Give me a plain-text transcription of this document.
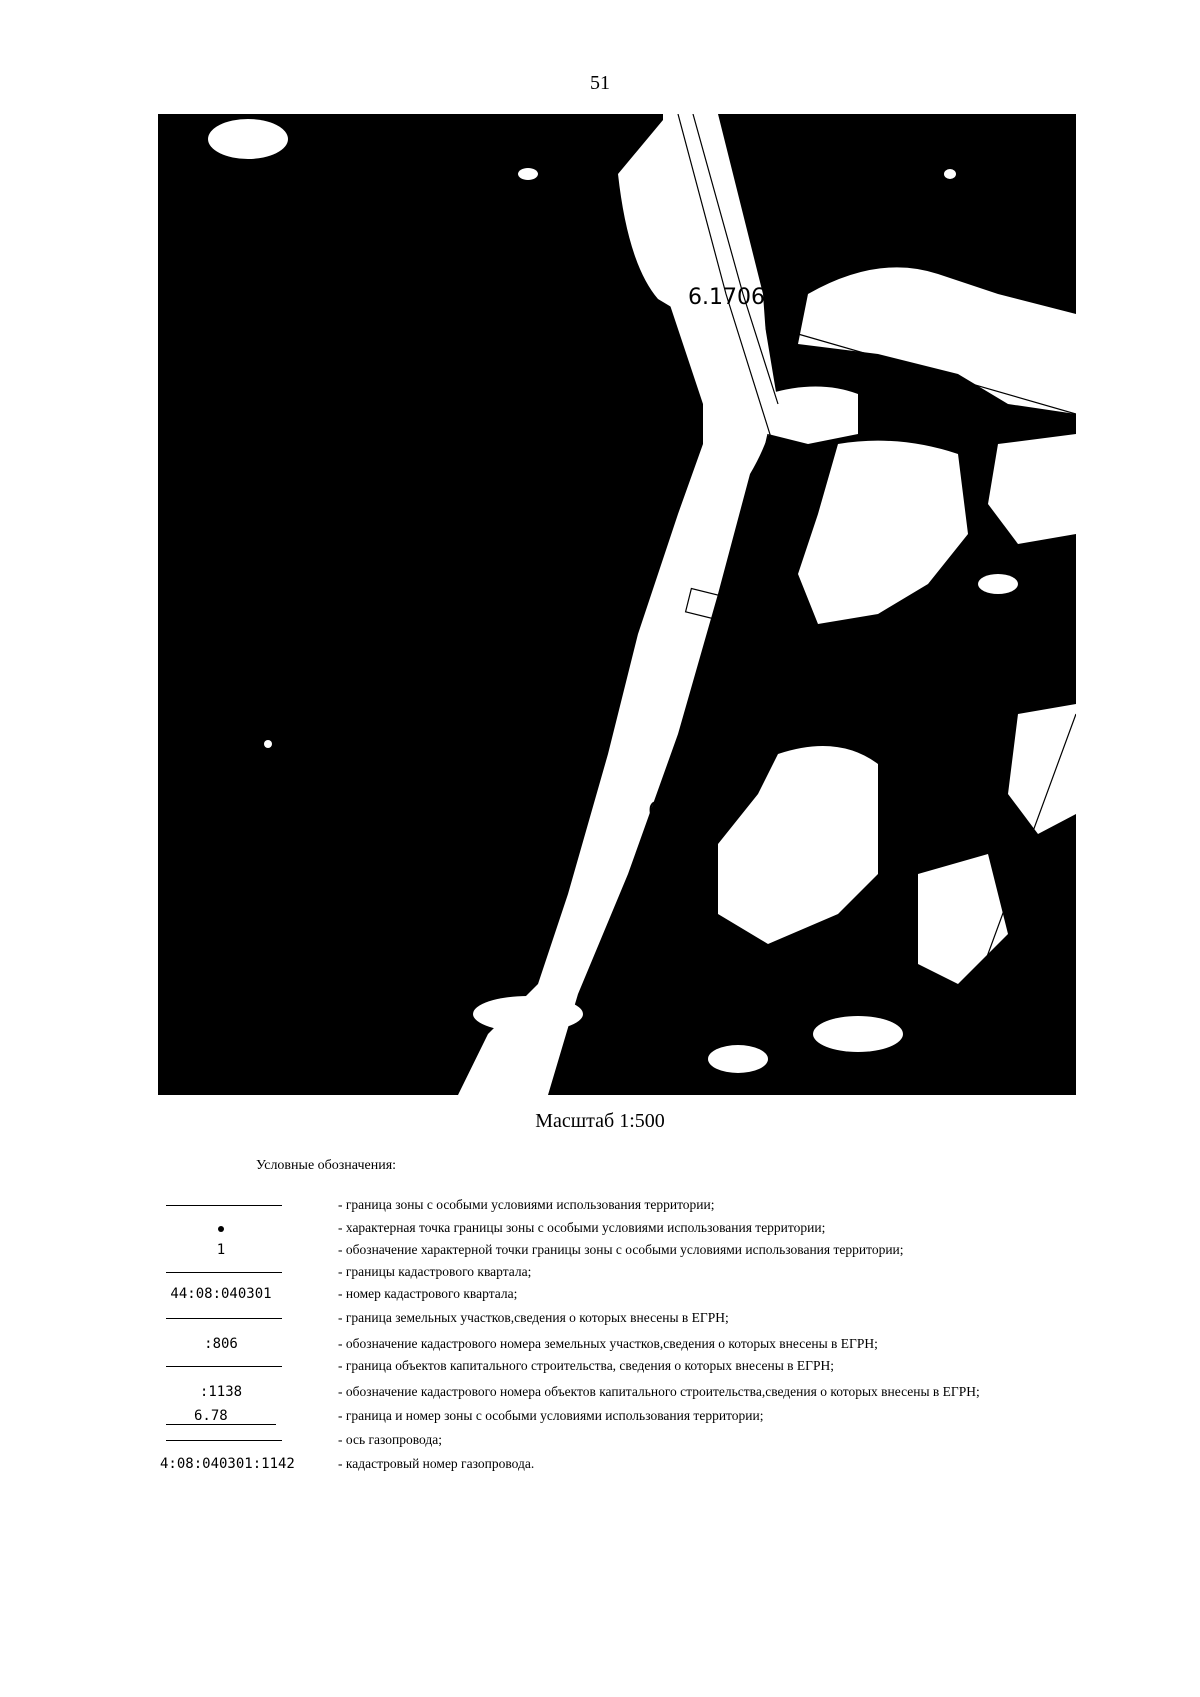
51
6.1706
6.78
81
Масштаб 1:500
Условные обозначения:
- граница зоны с особыми условиями использования территории;
- характерная точка границы зоны с особыми условиями использования территории;
1	- обозначение характерной точки границы зоны с особыми условиями использования территории;
- границы кадастрового квартала;
44:08:040301	- номер кадастрового квартала;
- граница земельных участков,сведения о которых внесены в ЕГРН;
:806	- обозначение кадастрового номера земельных участков,сведения о которых внесены в ЕГРН;
- граница объектов капитального строительства, сведения о которых внесены в ЕГРН;
:1138	- обозначение кадастрового номера объектов капитального строительства,сведения о которых внесены в ЕГРН;
6.78	- граница и номер зоны с особыми условиями использования территории;
- ось газопровода;
4:08:040301:1142	- кадастровый номер газопровода.
